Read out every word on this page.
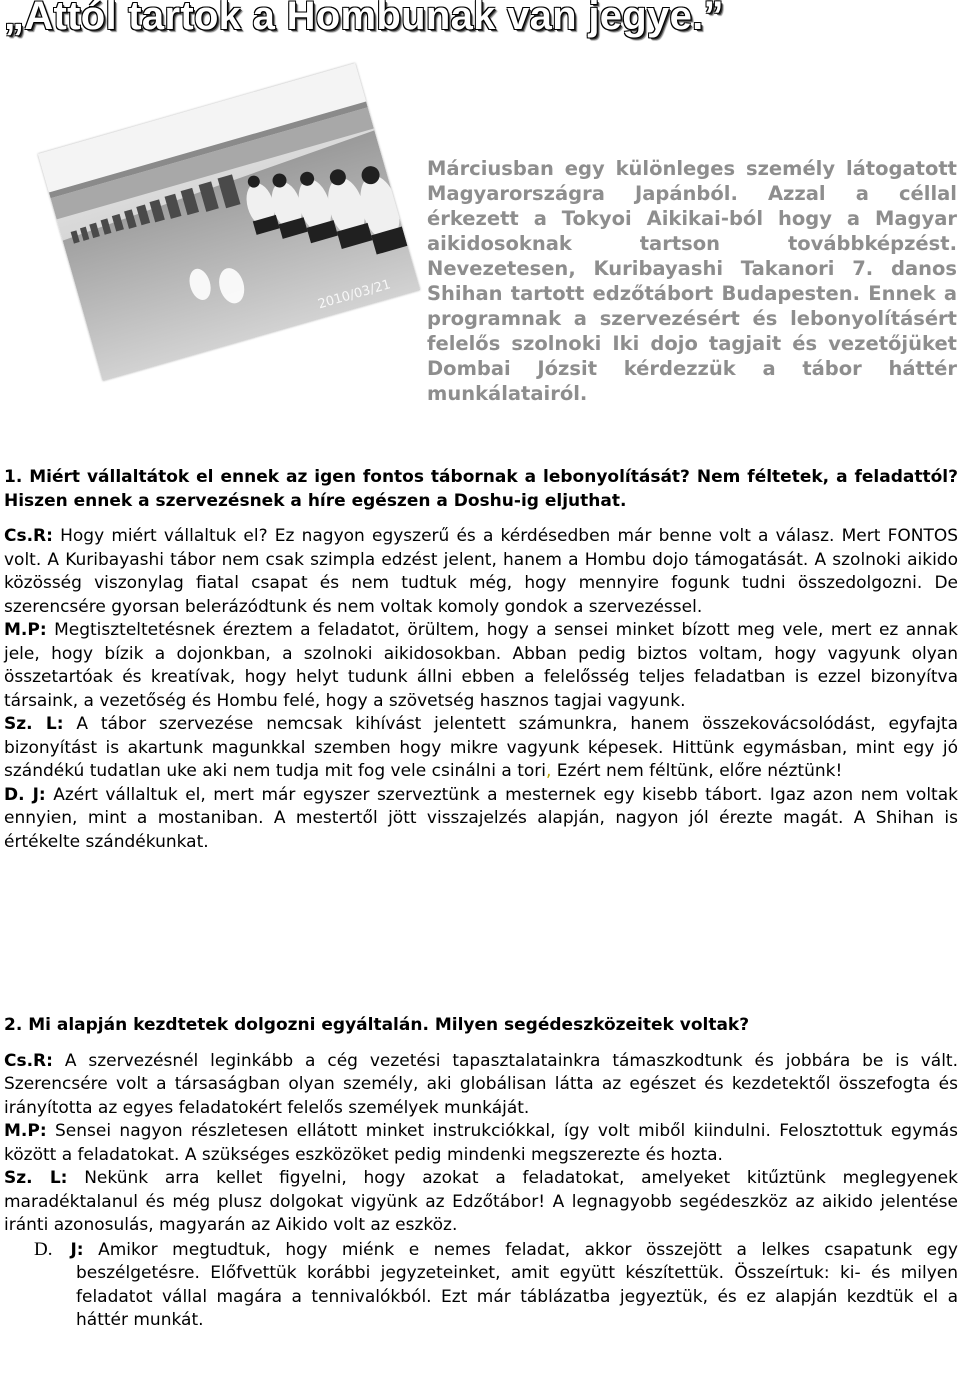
„Attól tartok a Hombunak van jegye.”
2010/03/21

Márciusban egy különleges személy látogatott Magyarországra Japánból. Azzal a céllal érkezett a Tokyoi Aikikai-ból hogy a Magyar aikidosoknak tartson továbbképzést. Nevezetesen, Kuribayashi Takanori 7. danos Shihan tartott edzőtábort Budapesten. Ennek a programnak a szervezésért és lebonyolításért felelős szolnoki Iki dojo tagjait és vezetőjüket Dombai Józsit kérdezzük a tábor háttér munkálatairól.

1. Miért vállaltátok el ennek az igen fontos tábornak a lebonyolítását? Nem féltetek, a feladattól? Hiszen ennek a szervezésnek a híre egészen a Doshu-ig eljuthat.

Cs.R: Hogy miért vállaltuk el? Ez nagyon egyszerű és a kérdésedben már benne volt a válasz. Mert FONTOS volt. A Kuribayashi tábor nem csak szimpla edzést jelent, hanem a Hombu dojo támogatását. A szolnoki aikido közösség viszonylag fiatal csapat és nem tudtuk még, hogy mennyire fogunk tudni összedolgozni. De szerencsére gyorsan belerázódtunk és nem voltak komoly gondok a szervezéssel.

M.P: Megtiszteltetésnek éreztem a feladatot, örültem, hogy a sensei minket bízott meg vele, mert ez annak jele, hogy bízik a dojonkban, a szolnoki aikidosokban. Abban pedig biztos voltam, hogy vagyunk olyan összetartóak és kreatívak, hogy helyt tudunk állni ebben a felelősség teljes feladatban is ezzel bizonyítva társaink, a vezetőség és Hombu felé, hogy a szövetség hasznos tagjai vagyunk.

Sz. L: A tábor szervezése nemcsak kihívást jelentett számunkra, hanem összekovácsolódást, egyfajta bizonyítást is akartunk magunkkal szemben hogy mikre vagyunk képesek. Hittünk egymásban, mint egy jó szándékú tudatlan uke aki nem tudja mit fog vele csinálni a tori, Ezért nem féltünk, előre néztünk!

D. J: Azért vállaltuk el, mert már egyszer szerveztünk a mesternek egy kisebb tábort. Igaz azon nem voltak ennyien, mint a mostaniban. A mestertől jött visszajelzés alapján, nagyon jól érezte magát. A Shihan is értékelte szándékunkat.

2. Mi alapján kezdtetek dolgozni egyáltalán. Milyen segédeszközeitek voltak?

Cs.R: A szervezésnél leginkább a cég vezetési tapasztalatainkra támaszkodtunk és jobbára be is vált. Szerencsére volt a társaságban olyan személy, aki globálisan látta az egészet és kezdetektől összefogta és irányította az egyes feladatokért felelős személyek munkáját.

M.P: Sensei nagyon részletesen ellátott minket instrukciókkal, így volt miből kiindulni. Felosztottuk egymás között a feladatokat. A szükséges eszközöket pedig mindenki megszerezte és hozta.

Sz. L: Nekünk arra kellet figyelni, hogy azokat a feladatokat, amelyeket kitűztünk meglegyenek maradéktalanul és még plusz dolgokat vigyünk az Edzőtábor! A legnagyobb segédeszköz az aikido jelentése iránti azonosulás, magyarán az Aikido volt az eszköz.

D. J: Amikor megtudtuk, hogy miénk e nemes feladat, akkor összejött a lelkes csapatunk egy beszélgetésre. Előfvettük korábbi jegyzeteinket, amit együtt készítettük. Összeírtuk: ki- és milyen feladatot vállal magára a tennivalókból. Ezt már táblázatba jegyeztük, és ez alapján kezdtük el a háttér munkát.
